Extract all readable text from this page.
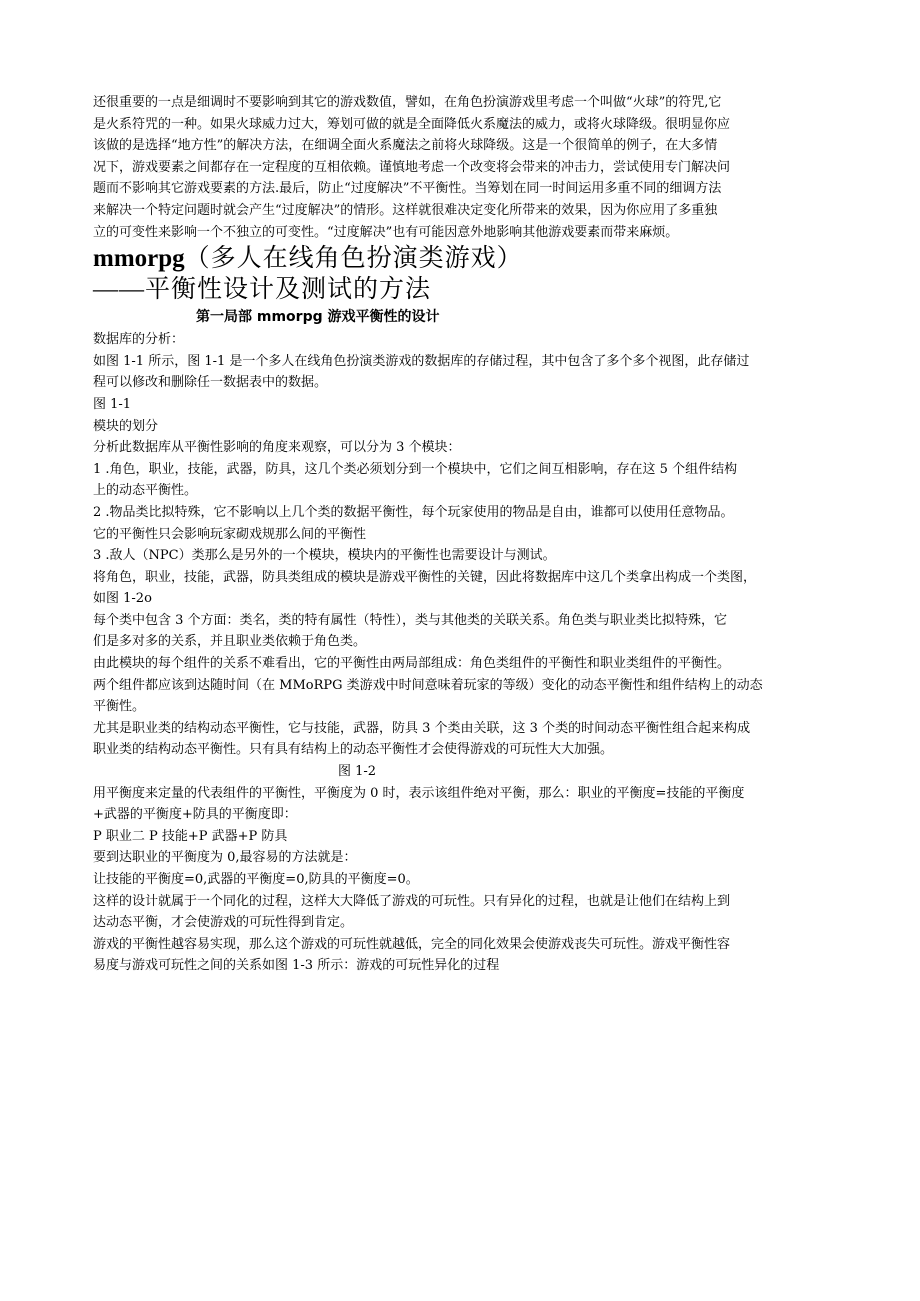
还很重要的一点是细调时不要影响到其它的游戏数值，譬如，在角色扮演游戏里考虑一个叫做“火球”的符咒,它
是火系符咒的一种。如果火球威力过大，筹划可做的就是全面降低火系魔法的威力，或将火球降级。很明显你应
该做的是选择“地方性”的解决方法，在细调全面火系魔法之前将火球降级。这是一个很简单的例子，在大多情
况下，游戏要素之间都存在一定程度的互相依赖。谨慎地考虑一个改变将会带来的冲击力，尝试使用专门解决问
题而不影响其它游戏要素的方法.最后，防止“过度解决”不平衡性。当筹划在同一时间运用多重不同的细调方法
来解决一个特定问题时就会产生“过度解决”的情形。这样就很难决定变化所带来的效果，因为你应用了多重独
立的可变性来影响一个不独立的可变性。“过度解决”也有可能因意外地影响其他游戏要素而带来麻烦。
mmorpg（多人在线角色扮演类游戏）
——平衡性设计及测试的方法
第一局部 mmorpg 游戏平衡性的设计
数据库的分析：
如图 1-1 所示，图 1-1 是一个多人在线角色扮演类游戏的数据库的存储过程，其中包含了多个多个视图，此存储过
程可以修改和删除任一数据表中的数据。
图 1-1
模块的划分
分析此数据库从平衡性影响的角度来观察，可以分为 3 个模块：
1 .角色，职业，技能，武器，防具，这几个类必须划分到一个模块中，它们之间互相影响，存在这 5 个组件结构
上的动态平衡性。
2 .物品类比拟特殊，它不影响以上几个类的数据平衡性，每个玩家使用的物品是自由，谁都可以使用任意物品。
它的平衡性只会影响玩家砌戏规那么间的平衡性
3 .敌人（NPC）类那么是另外的一个模块，模块内的平衡性也需要设计与测试。
将角色，职业，技能，武器，防具类组成的模块是游戏平衡性的关键，因此将数据库中这几个类拿出构成一个类图，
如图 1-2o
每个类中包含 3 个方面：类名，类的特有属性（特性），类与其他类的关联关系。角色类与职业类比拟特殊，它
们是多对多的关系，并且职业类依赖于角色类。
由此模块的每个组件的关系不难看出，它的平衡性由两局部组成：角色类组件的平衡性和职业类组件的平衡性。
两个组件都应该到达随时间（在 MMoRPG 类游戏中时间意味着玩家的等级）变化的动态平衡性和组件结构上的动态
平衡性。
尤其是职业类的结构动态平衡性，它与技能，武器，防具 3 个类由关联，这 3 个类的时间动态平衡性组合起来构成
职业类的结构动态平衡性。只有具有结构上的动态平衡性才会使得游戏的可玩性大大加强。
图 1-2
用平衡度来定量的代表组件的平衡性，平衡度为 0 时，表示该组件绝对平衡，那么：职业的平衡度=技能的平衡度
+武器的平衡度+防具的平衡度即：
P 职业二 P 技能+P 武器+P 防具
要到达职业的平衡度为 0,最容易的方法就是：
让技能的平衡度=0,武器的平衡度=0,防具的平衡度=0。
这样的设计就属于一个同化的过程，这样大大降低了游戏的可玩性。只有异化的过程，也就是让他们在结构上到
达动态平衡，才会使游戏的可玩性得到肯定。
游戏的平衡性越容易实现，那么这个游戏的可玩性就越低，完全的同化效果会使游戏丧失可玩性。游戏平衡性容
易度与游戏可玩性之间的关系如图 1-3 所示：游戏的可玩性异化的过程
